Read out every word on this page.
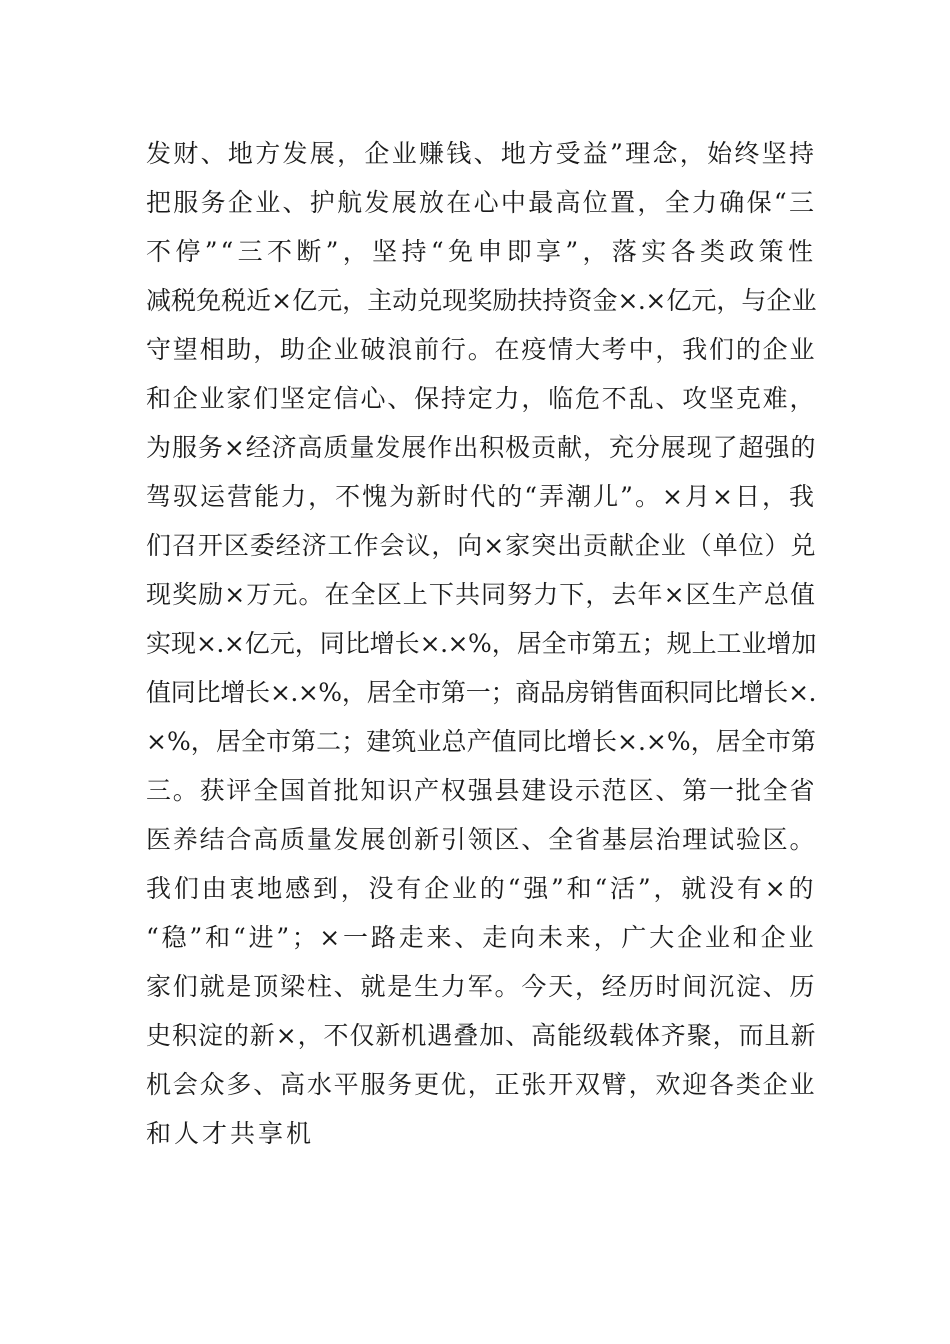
发财、地方发展，企业赚钱、地方受益”理念，始终坚持
把服务企业、护航发展放在心中最高位置，全力确保“三
不停”“三不断”，坚持“免申即享”，落实各类政策性
减税免税近×亿元，主动兑现奖励扶持资金×.×亿元，与企业
守望相助，助企业破浪前行。在疫情大考中，我们的企业
和企业家们坚定信心、保持定力，临危不乱、攻坚克难，
为服务×经济高质量发展作出积极贡献，充分展现了超强的
驾驭运营能力，不愧为新时代的“弄潮儿”。×月×日，我
们召开区委经济工作会议，向×家突出贡献企业（单位）兑
现奖励×万元。在全区上下共同努力下，去年×区生产总值
实现×.×亿元，同比增长×.×%，居全市第五；规上工业增加
值同比增长×.×%，居全市第一；商品房销售面积同比增长×.
×%，居全市第二；建筑业总产值同比增长×.×%，居全市第
三。获评全国首批知识产权强县建设示范区、第一批全省
医养结合高质量发展创新引领区、全省基层治理试验区。
我们由衷地感到，没有企业的“强”和“活”，就没有×的
“稳”和“进”；×一路走来、走向未来，广大企业和企业
家们就是顶梁柱、就是生力军。今天，经历时间沉淀、历
史积淀的新×，不仅新机遇叠加、高能级载体齐聚，而且新
机会众多、高水平服务更优，正张开双臂，欢迎各类企业
和人才共享机
